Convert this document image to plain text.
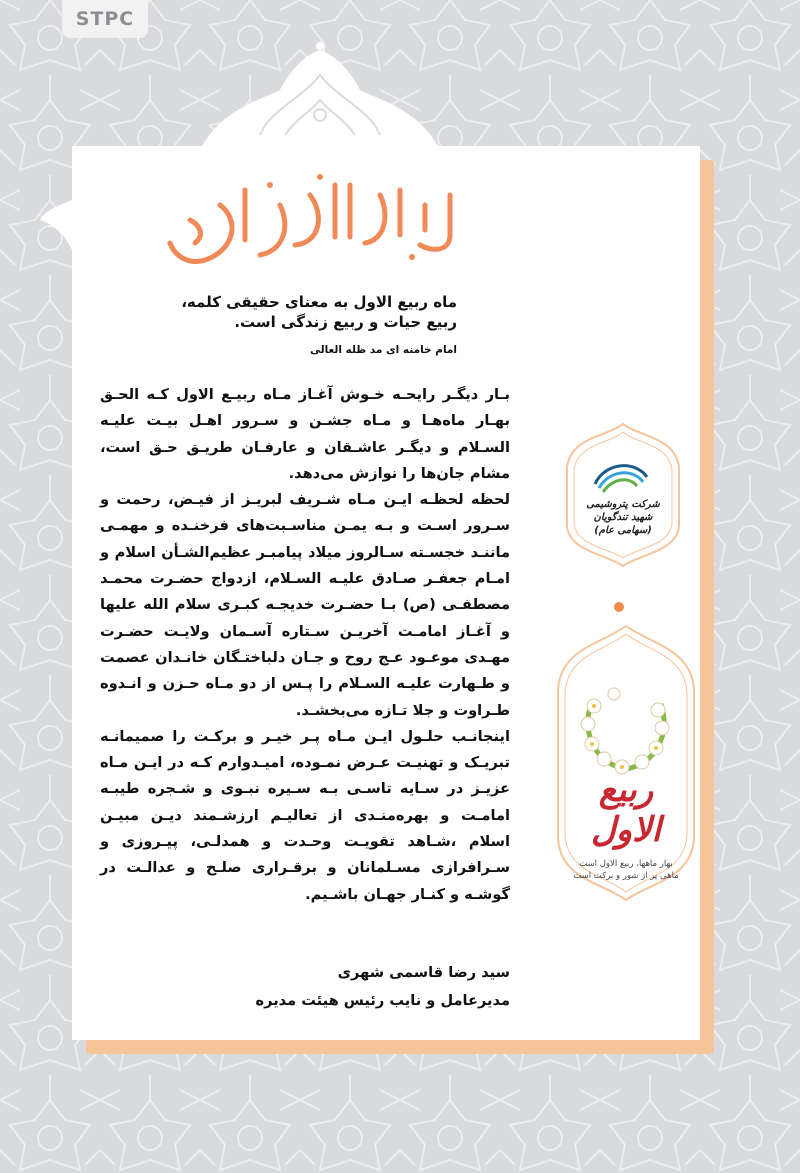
STPC
ماه ربیع الاول به معنای حقیقی کلمه،
ربیع حیات و ربیع زندگی است.
امام خامنه ای مد ظله العالی

بـار دیگـر رایحـه خـوش آغـاز مـاه ربیـع الاول کـه الحـق بهـار ماه‌هـا و مـاه جشـن و سـرور اهـل بیـت علیـه السـلام و دیگـر عاشـقان و عارفـان طریـق حـق است، مشام جان‌ها را نوازش می‌دهد.

لحظه لحظـه ایـن مـاه شـریف لبریـز از فیـض، رحمت و سـرور اسـت و بـه یمـن مناسـبت‌های فرخنـده و مهمـی ماننـد خجسـته سـالروز میلاد پیامبـر عظیم‌الشـأن اسلام و امـام جعفـر صـادق علیـه السـلام، ازدواج حضـرت محمـد مصطفـی (ص) بـا حضـرت خدیجـه کبـری سلام الله علیها و آغـاز امامـت آخریـن سـتاره آسـمان ولایـت حضـرت مهـدی موعـود عـج روح و جـان دلباختـگان خانـدان عصمت و طـهارت علیـه السـلام را پـس از دو مـاه حـزن و انـدوه طـراوت و جلا تـازه می‌بخشـد.

اینجانـب حلـول ایـن مـاه پـر خیـر و برکـت را صمیمانـه تبریـک و تهنیـت عـرض نمـوده، امیـدوارم کـه در ایـن مـاه عزیـز در سـایه تاسـی بـه سـیره نبـوی و شـجره طیبـه امامـت و بهره‌منـدی از تعالیـم ارزشـمند دیـن مبیـن اسلام ،شـاهد تقویـت وحـدت و همدلـی، پیـروزی و سـرافرازی مسـلمانان و برقـراری صلـح و عدالـت در گوشـه و کنـار جهـان باشـیم.

سید رضا قاسمی شهری
مدیرعامل و نایب رئیس هیئت مدیره
شرکت پتروشیمی شهید تندگویان (سهامی عام)
ربیع الاول
بهار ماهها، ربیع الاول است
ماهی پر از شور و برکت است
